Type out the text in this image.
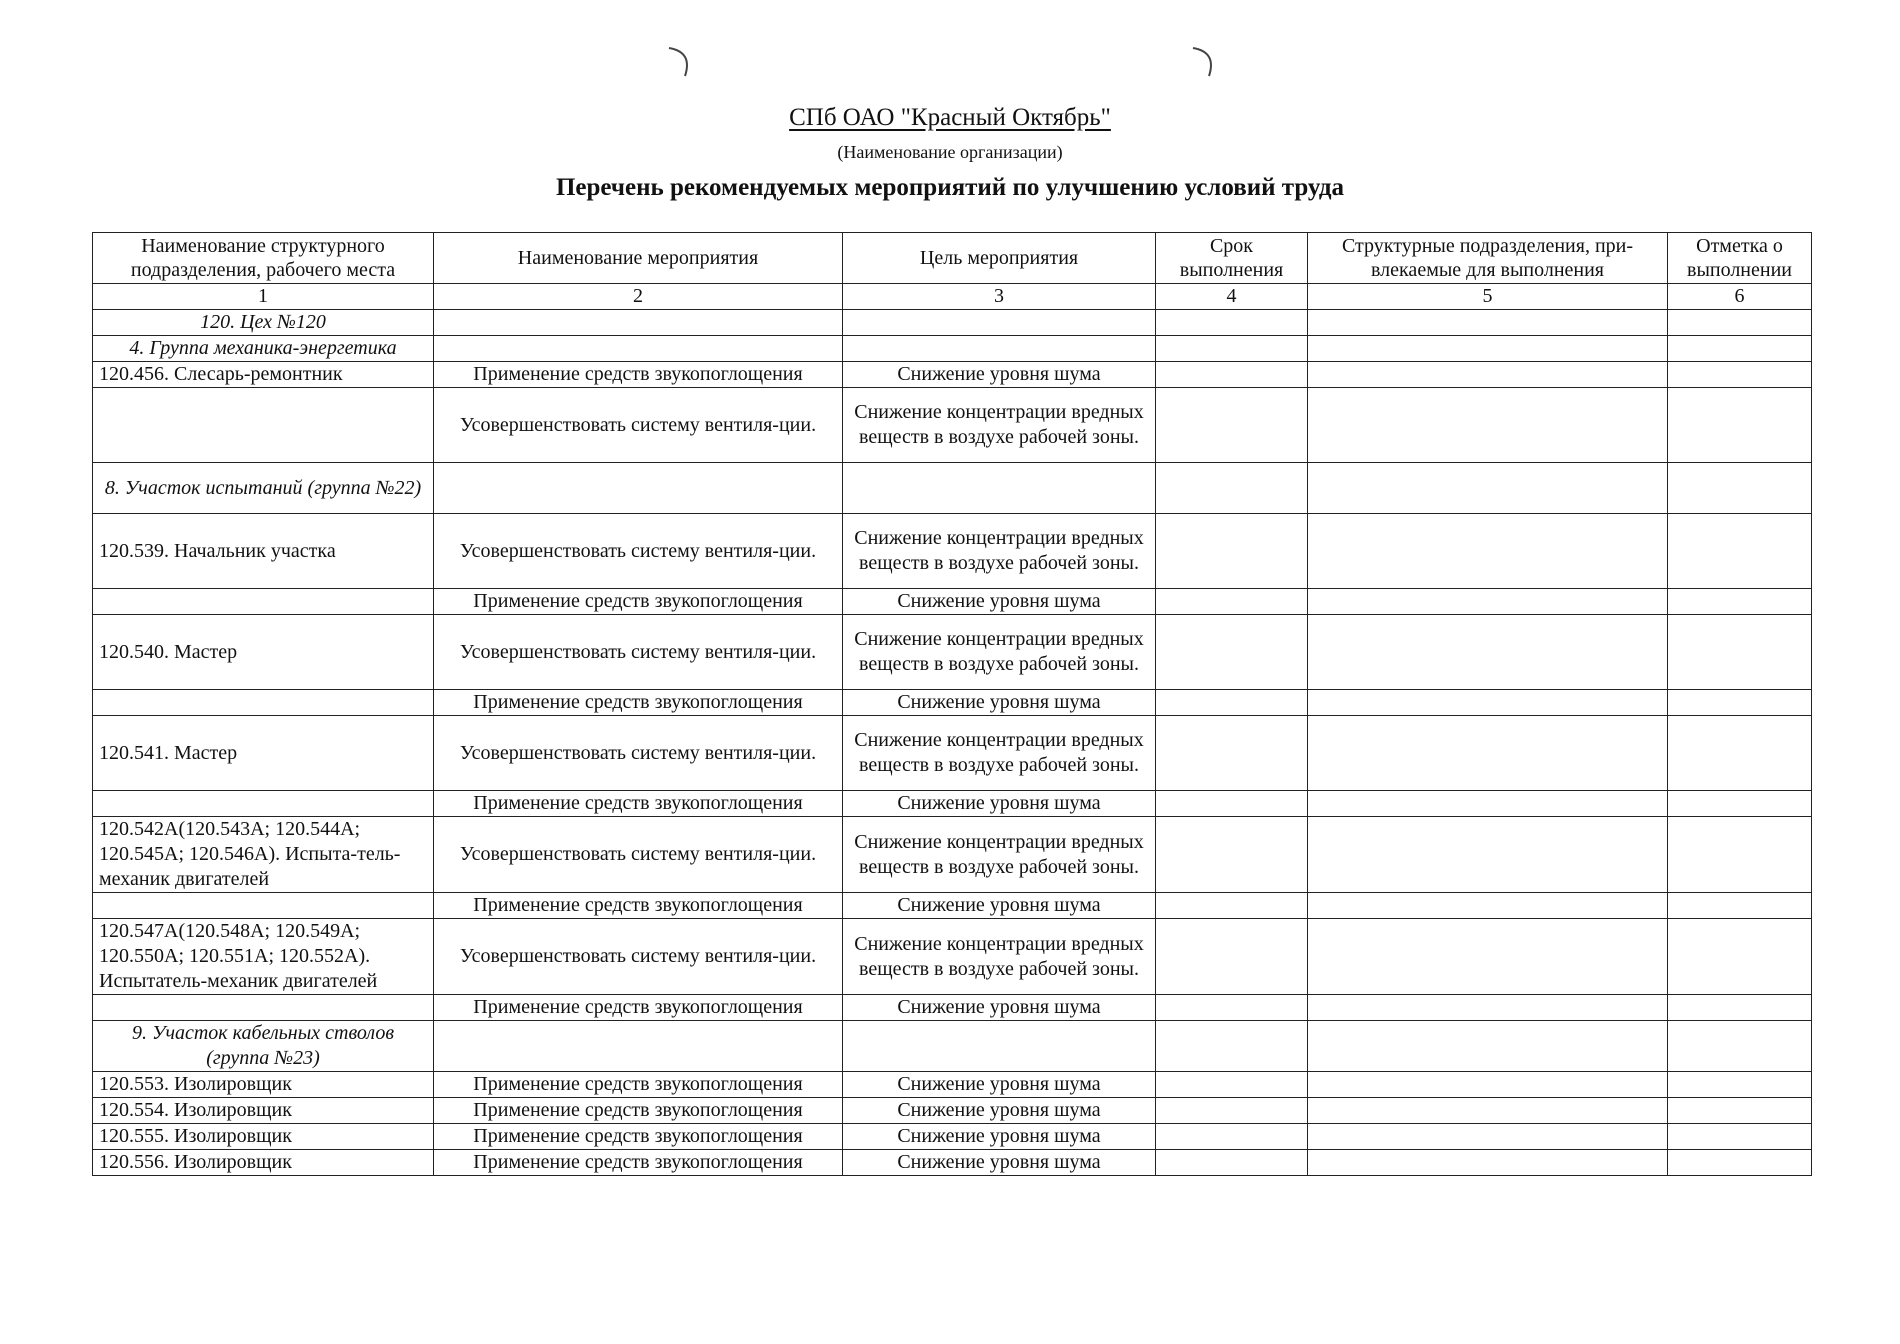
СПб ОАО "Красный Октябрь"
(Наименование организации)
Перечень рекомендуемых мероприятий по улучшению условий труда
Наименование структурного подразделения, рабочего места	Наименование мероприятия	Цель мероприятия	Срок выполнения	Структурные подразделения, при-влекаемые для выполнения	Отметка о выполнении
1	2	3	4	5	6
120. Цех №120					
4. Группа механика-энергетика					
120.456. Слесарь-ремонтник	Применение средств звукопоглощения	Снижение уровня шума			
	Усовершенствовать систему вентиля-ции.	Снижение концентрации вредных веществ в воздухе рабочей зоны.			
8. Участок испытаний (группа №22)					
120.539. Начальник участка	Усовершенствовать систему вентиля-ции.	Снижение концентрации вредных веществ в воздухе рабочей зоны.			
	Применение средств звукопоглощения	Снижение уровня шума			
120.540. Мастер	Усовершенствовать систему вентиля-ции.	Снижение концентрации вредных веществ в воздухе рабочей зоны.			
	Применение средств звукопоглощения	Снижение уровня шума			
120.541. Мастер	Усовершенствовать систему вентиля-ции.	Снижение концентрации вредных веществ в воздухе рабочей зоны.			
	Применение средств звукопоглощения	Снижение уровня шума			
120.542А(120.543А; 120.544А; 120.545А; 120.546А). Испыта-тель-механик двигателей	Усовершенствовать систему вентиля-ции.	Снижение концентрации вредных веществ в воздухе рабочей зоны.			
	Применение средств звукопоглощения	Снижение уровня шума			
120.547А(120.548А; 120.549А; 120.550А; 120.551А; 120.552А). Испытатель-механик двигателей	Усовершенствовать систему вентиля-ции.	Снижение концентрации вредных веществ в воздухе рабочей зоны.			
	Применение средств звукопоглощения	Снижение уровня шума			
9. Участок кабельных стволов (группа №23)					
120.553. Изолировщик	Применение средств звукопоглощения	Снижение уровня шума			
120.554. Изолировщик	Применение средств звукопоглощения	Снижение уровня шума			
120.555. Изолировщик	Применение средств звукопоглощения	Снижение уровня шума			
120.556. Изолировщик	Применение средств звукопоглощения	Снижение уровня шума			
